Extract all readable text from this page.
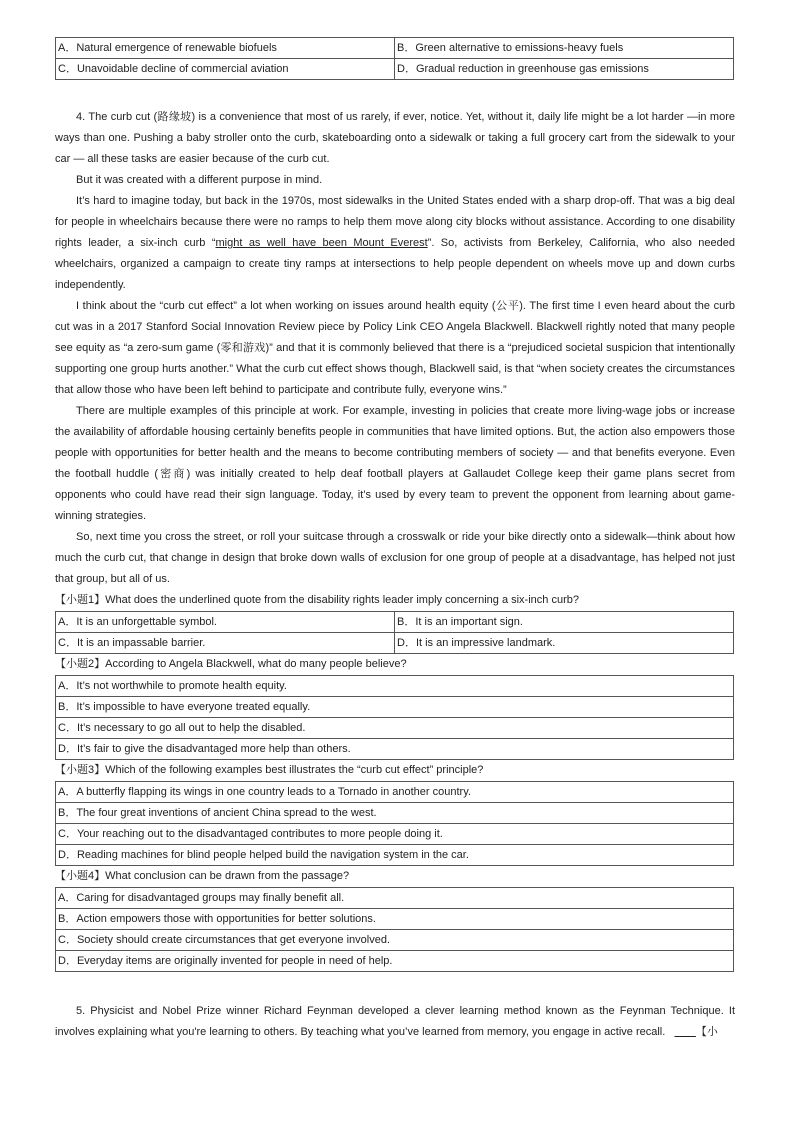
A．Natural emergence of renewable biofuels	B．Green alternative to emissions-heavy fuels
C．Unavoidable decline of commercial aviation	D．Gradual reduction in greenhouse gas emissions

4. The curb cut (路缘坡) is a convenience that most of us rarely, if ever, notice. Yet, without it, daily life might be a lot harder —in more ways than one. Pushing a baby stroller onto the curb, skateboarding onto a sidewalk or taking a full grocery cart from the sidewalk to your car — all these tasks are easier because of the curb cut.

But it was created with a different purpose in mind.

It’s hard to imagine today, but back in the 1970s, most sidewalks in the United States ended with a sharp drop-off. That was a big deal for people in wheelchairs because there were no ramps to help them move along city blocks without assistance. According to one disability rights leader, a six-inch curb “might as well have been Mount Everest”. So, activists from Berkeley, California, who also needed wheelchairs, organized a campaign to create tiny ramps at intersections to help people dependent on wheels move up and down curbs independently.

I think about the “curb cut effect” a lot when working on issues around health equity (公平). The first time I even heard about the curb cut was in a 2017 Stanford Social Innovation Review piece by Policy Link CEO Angela Blackwell. Blackwell rightly noted that many people see equity as “a zero-sum game (零和游戏)” and that it is commonly believed that there is a “prejudiced societal suspicion that intentionally supporting one group hurts another.” What the curb cut effect shows though, Blackwell said, is that “when society creates the circumstances that allow those who have been left behind to participate and contribute fully, everyone wins.”

There are multiple examples of this principle at work. For example, investing in policies that create more living-wage jobs or increase the availability of affordable housing certainly benefits people in communities that have limited options. But, the action also empowers those people with opportunities for better health and the means to become contributing members of society — and that benefits everyone. Even the football huddle (密商) was initially created to help deaf football players at Gallaudet College keep their game plans secret from opponents who could have read their sign language. Today, it’s used by every team to prevent the opponent from learning about game-winning strategies.

So, next time you cross the street, or roll your suitcase through a crosswalk or ride your bike directly onto a sidewalk—think about how much the curb cut, that change in design that broke down walls of exclusion for one group of people at a disadvantage, has helped not just that group, but all of us.

【小题1】What does the underlined quote from the disability rights leader imply concerning a six-inch curb?
A．It is an unforgettable symbol.	B．It is an important sign.
C．It is an impassable barrier.	D．It is an impressive landmark.
【小题2】According to Angela Blackwell, what do many people believe?
A．It’s not worthwhile to promote health equity.
B．It’s impossible to have everyone treated equally.
C．It’s necessary to go all out to help the disabled.
D．It’s fair to give the disadvantaged more help than others.
【小题3】Which of the following examples best illustrates the “curb cut effect” principle?
A．A butterfly flapping its wings in one country leads to a Tornado in another country.
B．The four great inventions of ancient China spread to the west.
C．Your reaching out to the disadvantaged contributes to more people doing it.
D．Reading machines for blind people helped build the navigation system in the car.
【小题4】What conclusion can be drawn from the passage?
A．Caring for disadvantaged groups may finally benefit all.
B．Action empowers those with opportunities for better solutions.
C．Society should create circumstances that get everyone involved.
D．Everyday items are originally invented for people in need of help.

5. Physicist and Nobel Prize winner Richard Feynman developed a clever learning method known as the Feynman Technique. It involves explaining what you're learning to others. By teaching what you’ve learned from memory, you engage in active recall.	【小
